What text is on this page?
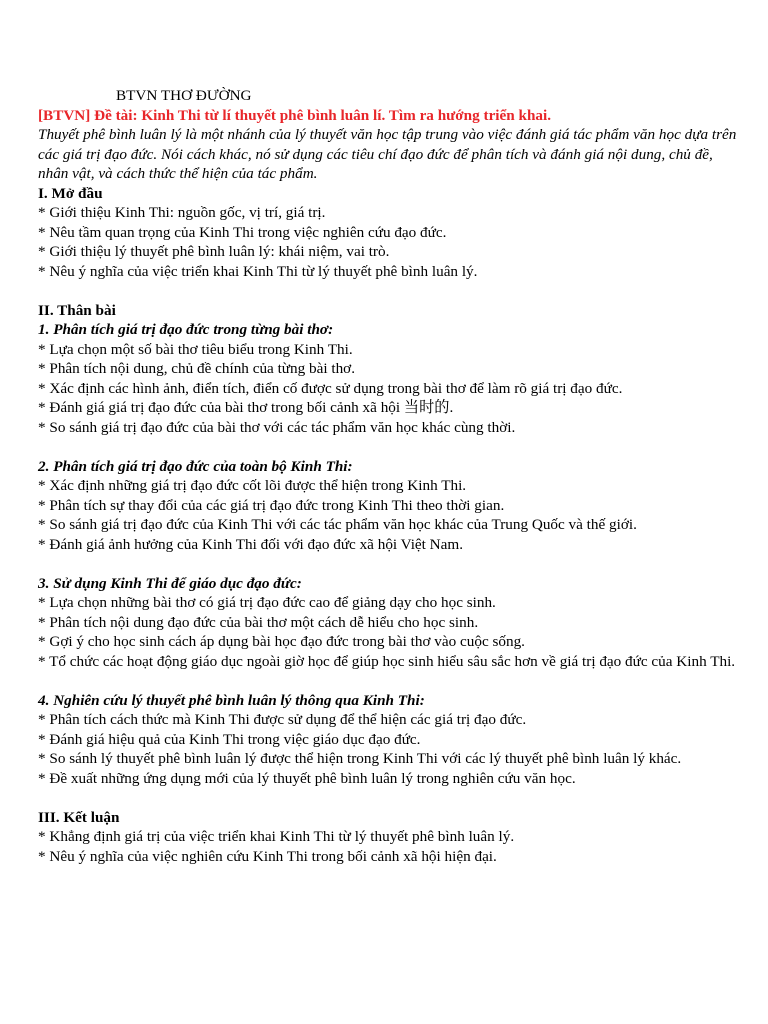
BTVN THƠ ĐƯỜNG
[BTVN] Đề tài: Kinh Thi từ lí thuyết phê bình luân lí. Tìm ra hướng triển khai.
Thuyết phê bình luân lý là một nhánh của lý thuyết văn học tập trung vào việc đánh giá tác phẩm văn học dựa trên các giá trị đạo đức. Nói cách khác, nó sử dụng các tiêu chí đạo đức để phân tích và đánh giá nội dung, chủ đề, nhân vật, và cách thức thể hiện của tác phẩm.
I. Mở đầu
* Giới thiệu Kinh Thi: nguồn gốc, vị trí, giá trị.
* Nêu tầm quan trọng của Kinh Thi trong việc nghiên cứu đạo đức.
* Giới thiệu lý thuyết phê bình luân lý: khái niệm, vai trò.
* Nêu ý nghĩa của việc triển khai Kinh Thi từ lý thuyết phê bình luân lý.
II. Thân bài
1. Phân tích giá trị đạo đức trong từng bài thơ:
* Lựa chọn một số bài thơ tiêu biểu trong Kinh Thi.
* Phân tích nội dung, chủ đề chính của từng bài thơ.
* Xác định các hình ảnh, điển tích, điển cố được sử dụng trong bài thơ để làm rõ giá trị đạo đức.
* Đánh giá giá trị đạo đức của bài thơ trong bối cảnh xã hội 当时的.
* So sánh giá trị đạo đức của bài thơ với các tác phẩm văn học khác cùng thời.
2. Phân tích giá trị đạo đức của toàn bộ Kinh Thi:
* Xác định những giá trị đạo đức cốt lõi được thể hiện trong Kinh Thi.
* Phân tích sự thay đổi của các giá trị đạo đức trong Kinh Thi theo thời gian.
* So sánh giá trị đạo đức của Kinh Thi với các tác phẩm văn học khác của Trung Quốc và thế giới.
* Đánh giá ảnh hưởng của Kinh Thi đối với đạo đức xã hội Việt Nam.
3. Sử dụng Kinh Thi để giáo dục đạo đức:
* Lựa chọn những bài thơ có giá trị đạo đức cao để giảng dạy cho học sinh.
* Phân tích nội dung đạo đức của bài thơ một cách dễ hiểu cho học sinh.
* Gợi ý cho học sinh cách áp dụng bài học đạo đức trong bài thơ vào cuộc sống.
* Tổ chức các hoạt động giáo dục ngoài giờ học để giúp học sinh hiểu sâu sắc hơn về giá trị đạo đức của Kinh Thi.
4. Nghiên cứu lý thuyết phê bình luân lý thông qua Kinh Thi:
* Phân tích cách thức mà Kinh Thi được sử dụng để thể hiện các giá trị đạo đức.
* Đánh giá hiệu quả của Kinh Thi trong việc giáo dục đạo đức.
* So sánh lý thuyết phê bình luân lý được thể hiện trong Kinh Thi với các lý thuyết phê bình luân lý khác.
* Đề xuất những ứng dụng mới của lý thuyết phê bình luân lý trong nghiên cứu văn học.
III. Kết luận
* Khẳng định giá trị của việc triển khai Kinh Thi từ lý thuyết phê bình luân lý.
* Nêu ý nghĩa của việc nghiên cứu Kinh Thi trong bối cảnh xã hội hiện đại.
